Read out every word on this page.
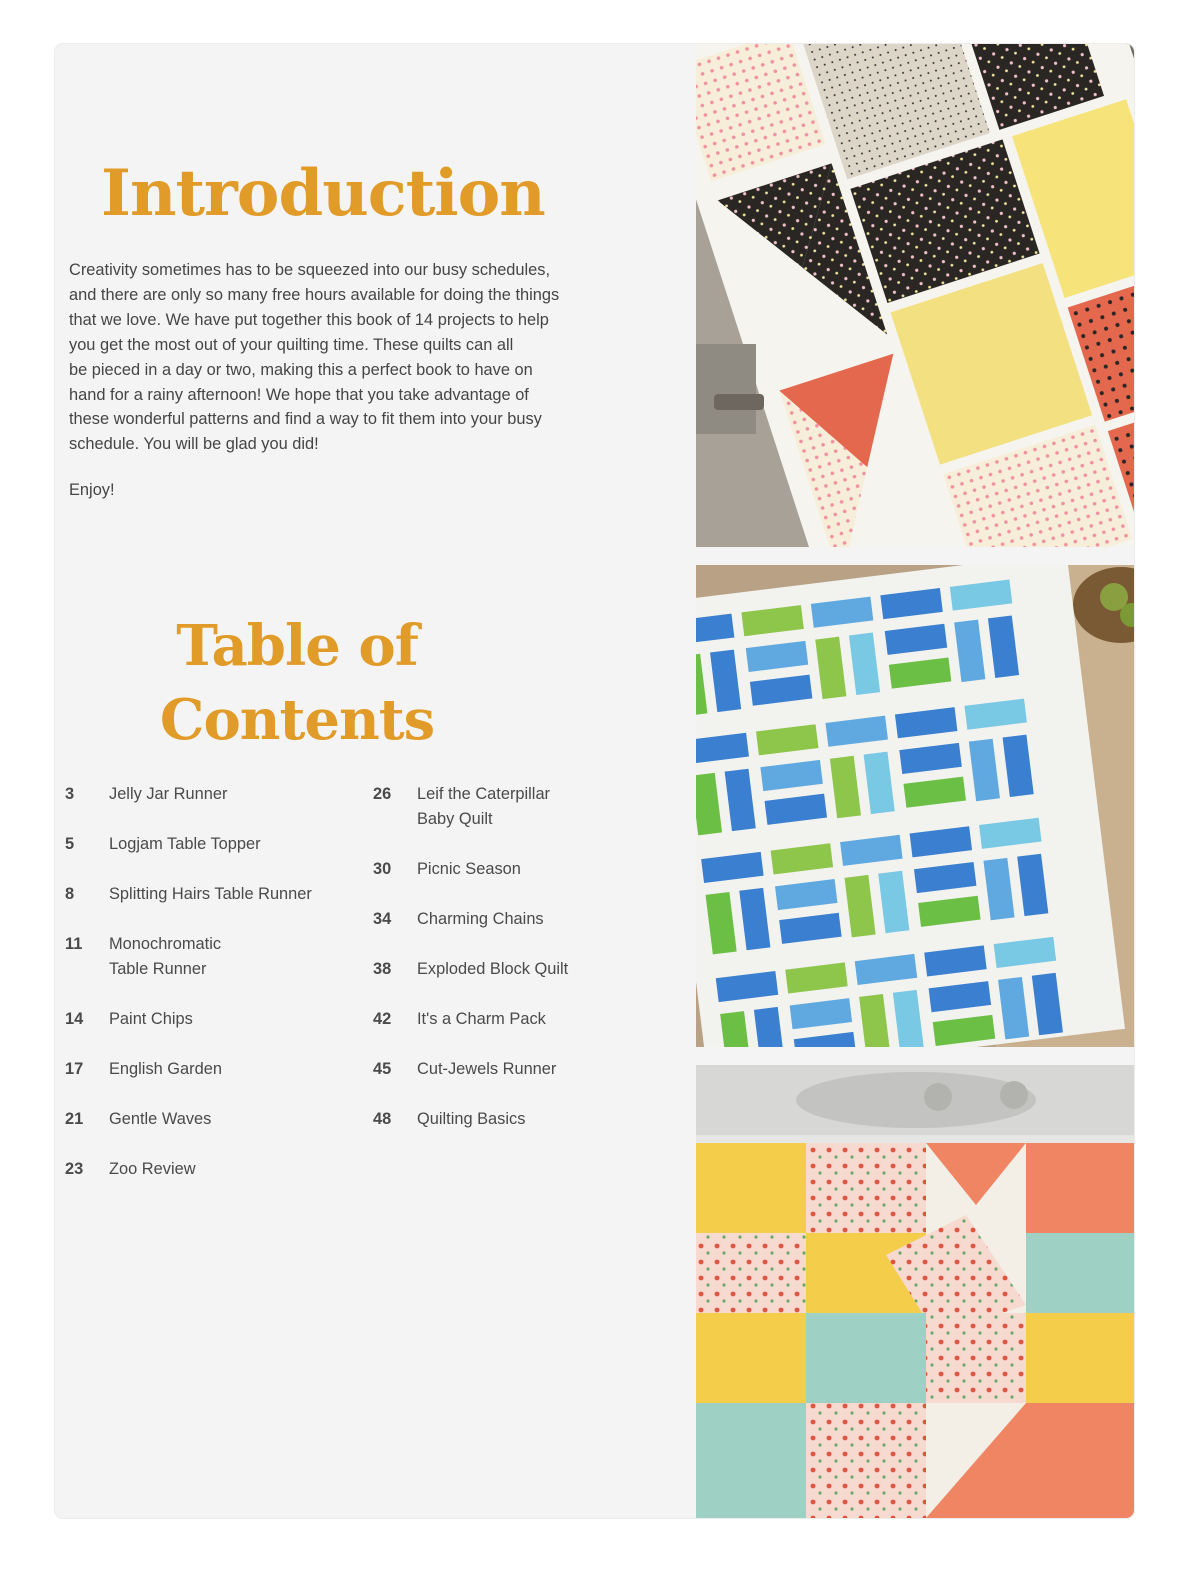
Introduction

Creativity sometimes has to be squeezed into our busy schedules,
and there are only so many free hours available for doing the things
that we love. We have put together this book of 14 projects to help
you get the most out of your quilting time. These quilts can all
be pieced in a day or two, making this a perfect book to have on
hand for a rainy afternoon! We hope that you take advantage of
these wonderful patterns and find a way to fit them into your busy
schedule. You will be glad you did!

Enjoy!

Table of
Contents
3	Jelly Jar Runner
5	Logjam Table Topper
8	Splitting Hairs Table Runner
11	Monochromatic
Table Runner
14	Paint Chips
17	English Garden
21	Gentle Waves
23	Zoo Review
26	Leif the Caterpillar
Baby Quilt
30	Picnic Season
34	Charming Chains
38	Exploded Block Quilt
42	It's a Charm Pack
45	Cut-Jewels Runner
48	Quilting Basics
